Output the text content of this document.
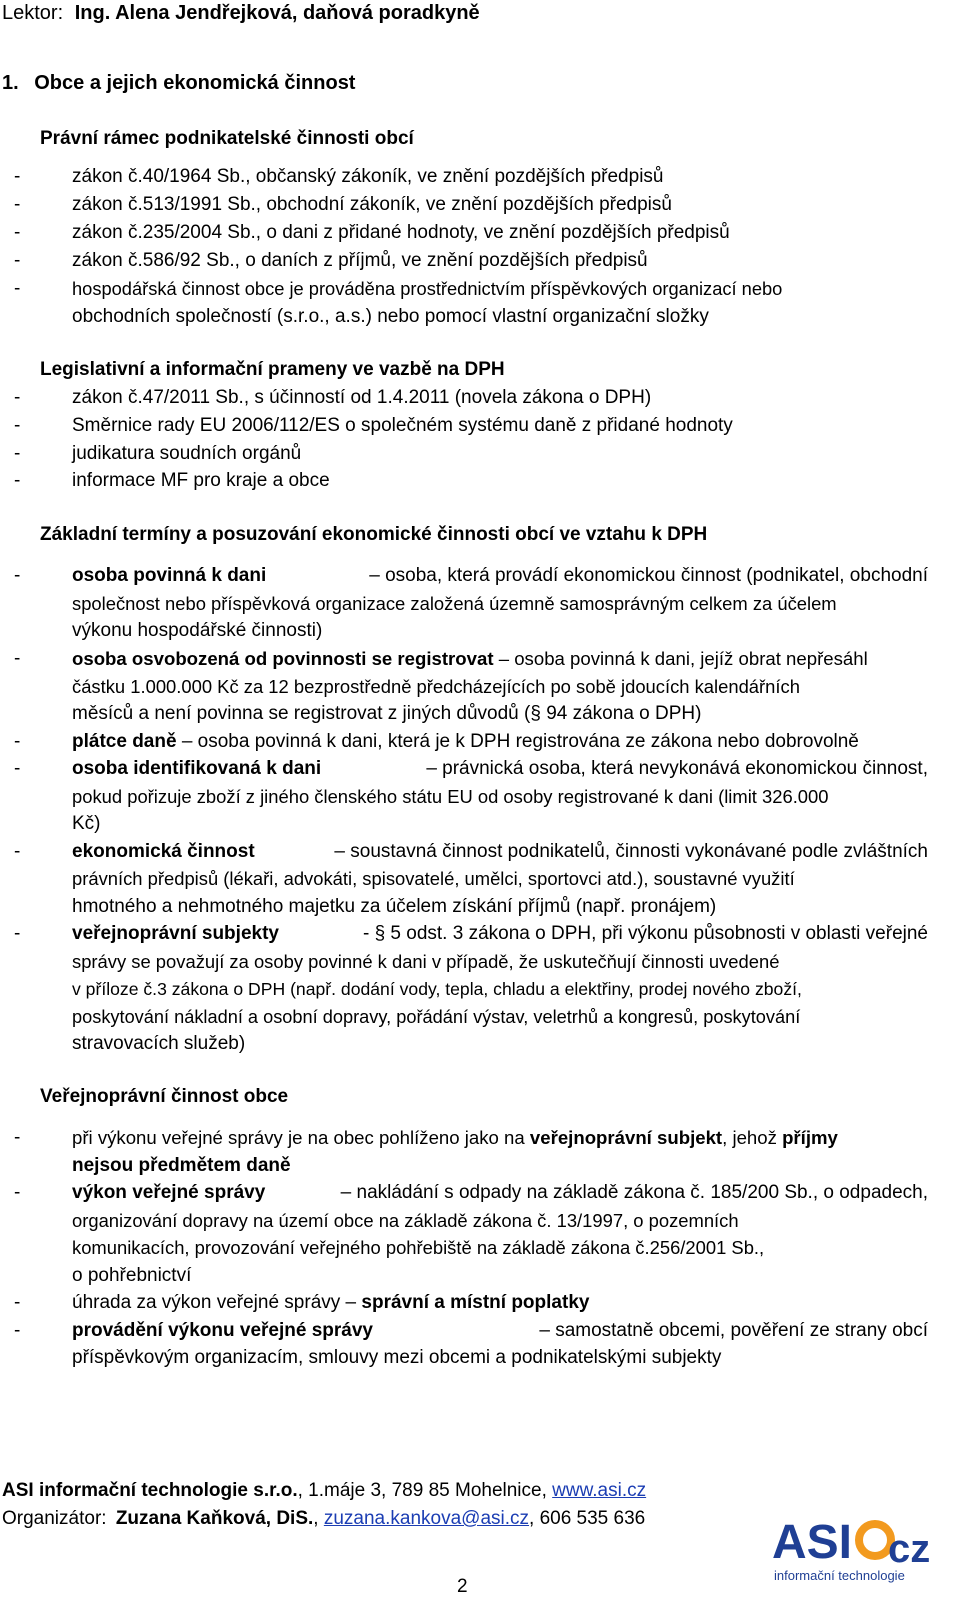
Lektor: Ing. Alena Jendřejková, daňová poradkyně
1. Obce a jejich ekonomická činnost
Právní rámec podnikatelské činnosti obcí
-	zákon č.40/1964 Sb., občanský zákoník, ve znění pozdějších předpisů
-	zákon č.513/1991 Sb., obchodní zákoník, ve znění pozdějších předpisů
-	zákon č.235/2004 Sb., o dani z přidané hodnoty, ve znění pozdějších předpisů
-	zákon č.586/92 Sb., o daních z příjmů, ve znění pozdějších předpisů
-	hospodářská činnost obce je prováděna prostřednictvím příspěvkových organizací nebo
obchodních společností (s.r.o., a.s.) nebo pomocí vlastní organizační složky
Legislativní a informační prameny ve vazbě na DPH
-	zákon č.47/2011 Sb., s účinností od 1.4.2011 (novela zákona o DPH)
-	Směrnice rady EU 2006/112/ES o společném systému daně z přidané hodnoty
-	judikatura soudních orgánů
-	informace MF pro kraje a obce
Základní termíny a posuzování ekonomické činnosti obcí ve vztahu k DPH
-	osoba povinná k dani	– osoba, která provádí ekonomickou činnost (podnikatel, obchodní
společnost nebo příspěvková organizace založená územně samosprávným celkem za účelem
výkonu hospodářské činnosti)
-	osoba osvobozená od povinnosti se registrovat – osoba povinná k dani, jejíž obrat nepřesáhl
částku 1.000.000 Kč za 12 bezprostředně předcházejících po sobě jdoucích kalendářních
měsíců a není povinna se registrovat z jiných důvodů (§ 94 zákona o DPH)
-	plátce daně – osoba povinná k dani, která je k DPH registrována ze zákona nebo dobrovolně
-	osoba identifikovaná k dani	– právnická osoba, která nevykonává ekonomickou činnost,
pokud pořizuje zboží z jiného členského státu EU od osoby registrované k dani (limit 326.000
Kč)
-	ekonomická činnost	– soustavná činnost podnikatelů, činnosti vykonávané podle zvláštních
právních předpisů (lékaři, advokáti, spisovatelé, umělci, sportovci atd.), soustavné využití
hmotného a nehmotného majetku za účelem získání příjmů (např. pronájem)
-	veřejnoprávní subjekty	- § 5 odst. 3 zákona o DPH, při výkonu působnosti v oblasti veřejné
správy se považují za osoby povinné k dani v případě, že uskutečňují činnosti uvedené
v příloze č.3 zákona o DPH (např. dodání vody, tepla, chladu a elektřiny, prodej nového zboží,
poskytování nákladní a osobní dopravy, pořádání výstav, veletrhů a kongresů, poskytování
stravovacích služeb)
Veřejnoprávní činnost obce
-	při výkonu veřejné správy je na obec pohlíženo jako na veřejnoprávní subjekt, jehož příjmy
nejsou předmětem daně
-	výkon veřejné správy	– nakládání s odpady na základě zákona č. 185/200 Sb., o odpadech,
organizování dopravy na území obce na základě zákona č. 13/1997, o pozemních
komunikacích, provozování veřejného pohřebiště na základě zákona č.256/2001 Sb.,
o pohřebnictví
-	úhrada za výkon veřejné správy – správní a místní poplatky
-	provádění výkonu veřejné správy	– samostatně obcemi, pověření ze strany obcí
příspěvkovým organizacím, smlouvy mezi obcemi a podnikatelskými subjekty
ASI informační technologie s.r.o., 1.máje 3, 789 85 Mohelnice, www.asi.cz
Organizátor: Zuzana Kaňková, DiS., zuzana.kankova@asi.cz, 606 535 636
2
ASI cz
informační technologie
